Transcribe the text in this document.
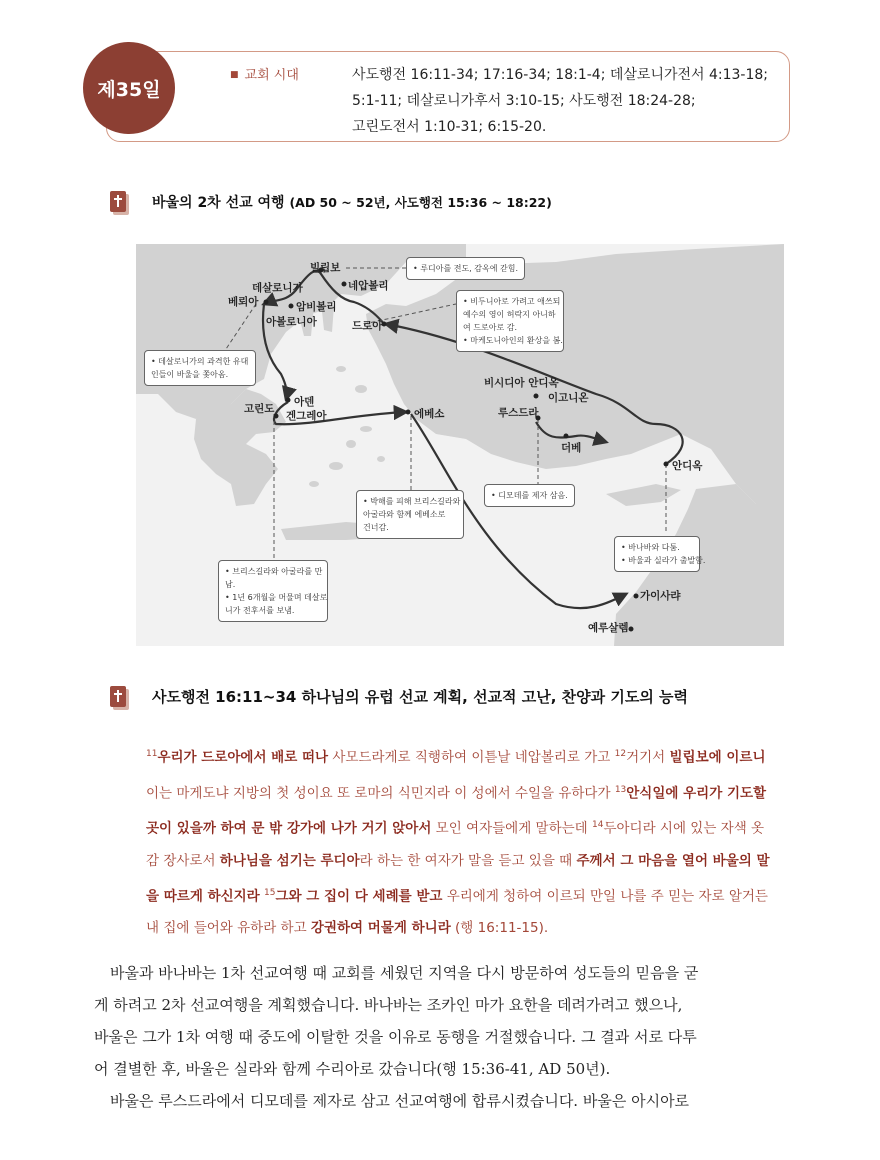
제35일
■ 교회 시대	사도행전 16:11-34; 17:16-34; 18:1-4; 데살로니가전서 4:13-18;
5:1-11; 데살로니가후서 3:10-15; 사도행전 18:24-28;
고린도전서 1:10-31; 6:15-20.
바울의 2차 선교 여행 (AD 50 ~ 52년, 사도행전 15:36 ~ 18:22)
빌립보
네압볼리
데살로니가
베뢰아	암비볼리
아볼로니아	드로아
아덴
고린도
겐그레아	에베소
비시디아 안디옥
이고니온
루스드라
더베
안디옥
가이사랴
예루살렘
• 루디아를 전도, 감옥에 갇힘.
• 비두니아로 가려고 애쓰되
예수의 영이 허락지 아니하
여 드로아로 감.
• 마케도니아인의 환상을 봄.
• 데살로니가의 과격한 유대
인들이 바울을 쫓아옴.
• 디모데를 제자 삼음.
• 박해를 피해 브리스길라와
아굴라와 함께 에베소로
건너감.
• 바나바와 다툼.
• 바울과 실라가 출발함.
• 브리스길라와 아굴라를 만
남.
• 1년 6개월을 머물며 데살로
니가 전후서를 보냄.
사도행전 16:11~34 하나님의 유럽 선교 계획, 선교적 고난, 찬양과 기도의 능력
$^{11}$우리가 드로아에서 배로 떠나 사모드라게로 직행하여 이튿날 네압볼리로 가고 $^{12}$거기서 빌립보에 이르니
이는 마게도냐 지방의 첫 성이요 또 로마의 식민지라 이 성에서 수일을 유하다가 $^{13}$안식일에 우리가 기도할
곳이 있을까 하여 문 밖 강가에 나가 거기 앉아서 모인 여자들에게 말하는데 $^{14}$두아디라 시에 있는 자색 옷
감 장사로서 하나님을 섬기는 루디아라 하는 한 여자가 말을 듣고 있을 때 주께서 그 마음을 열어 바울의 말
을 따르게 하신지라 $^{15}$그와 그 집이 다 세례를 받고 우리에게 청하여 이르되 만일 나를 주 믿는 자로 알거든
내 집에 들어와 유하라 하고 강권하여 머물게 하니라 (행 16:11-15).
바울과 바나바는 1차 선교여행 때 교회를 세웠던 지역을 다시 방문하여 성도들의 믿음을 굳
게 하려고 2차 선교여행을 계획했습니다. 바나바는 조카인 마가 요한을 데려가려고 했으나,
바울은 그가 1차 여행 때 중도에 이탈한 것을 이유로 동행을 거절했습니다. 그 결과 서로 다투
어 결별한 후, 바울은 실라와 함께 수리아로 갔습니다(행 15:36-41, AD 50년).
바울은 루스드라에서 디모데를 제자로 삼고 선교여행에 합류시켰습니다. 바울은 아시아로
